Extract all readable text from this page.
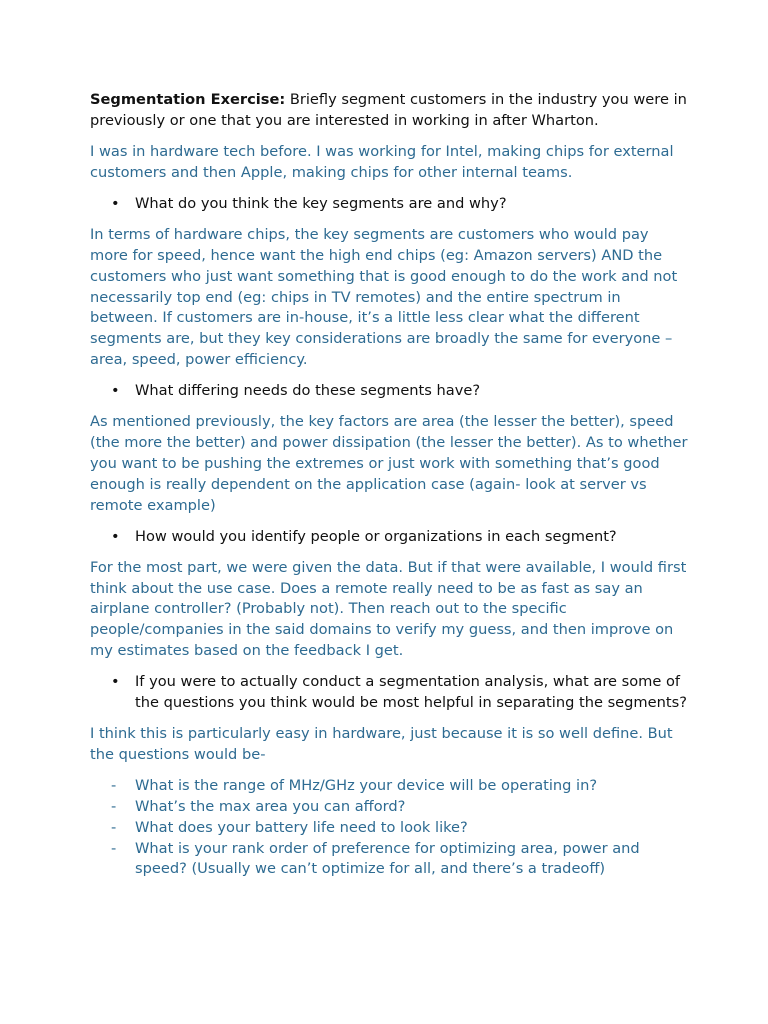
Segmentation Exercise: Briefly segment customers in the industry you were in previously or one that you are interested in working in after Wharton.

I was in hardware tech before. I was working for Intel, making chips for external customers and then Apple, making chips for other internal teams.

• What do you think the key segments are and why?

In terms of hardware chips, the key segments are customers who would pay more for speed, hence want the high end chips (eg: Amazon servers) AND the customers who just want something that is good enough to do the work and not necessarily top end (eg: chips in TV remotes) and the entire spectrum in between. If customers are in-house, it’s a little less clear what the different segments are, but they key considerations are broadly the same for everyone – area, speed, power efficiency.

• What differing needs do these segments have?

As mentioned previously, the key factors are area (the lesser the better), speed (the more the better) and power dissipation (the lesser the better). As to whether you want to be pushing the extremes or just work with something that’s good enough is really dependent on the application case (again- look at server vs remote example)

• How would you identify people or organizations in each segment?

For the most part, we were given the data. But if that were available, I would first think about the use case. Does a remote really need to be as fast as say an airplane controller? (Probably not). Then reach out to the specific people/companies in the said domains to verify my guess, and then improve on my estimates based on the feedback I get.

• If you were to actually conduct a segmentation analysis, what are some of the questions you think would be most helpful in separating the segments?

I think this is particularly easy in hardware, just because it is so well define. But the questions would be-

- What is the range of MHz/GHz your device will be operating in?
- What’s the max area you can afford?
- What does your battery life need to look like?
- What is your rank order of preference for optimizing area, power and speed? (Usually we can’t optimize for all, and there’s a tradeoff)
